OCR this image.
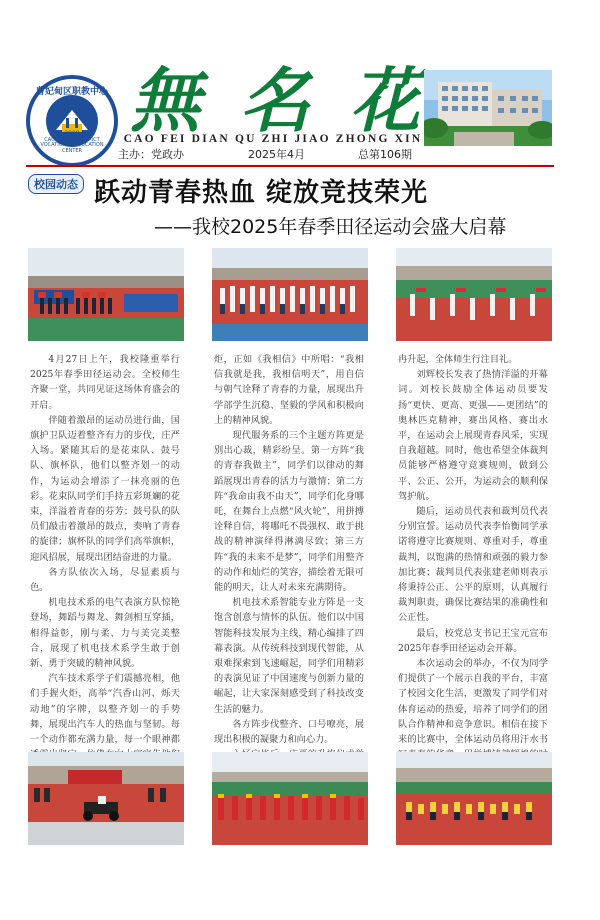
曹妃甸区职教中心
2008
CAOFEIDIAN DISTRICT VOCATIONAL EDUCATION CENTER
無 名 花
CAO FEI DIAN QU ZHI JIAO ZHONG XIN
主办：党政办	2025年4月	总第106期
校园动态 跃动青春热血 绽放竞技荣光
——我校2025年春季田径运动会盛大启幕

4月27日上午，我校隆重举行2025年春季田径运动会。全校师生齐聚一堂，共同见证这场体育盛会的开启。

伴随着激昂的运动员进行曲，国旗护卫队迈着整齐有力的步伐，庄严入场。紧随其后的是花束队、鼓号队、旗杯队，他们以整齐划一的动作，为运动会增添了一抹亮丽的色彩。花束队同学们手持五彩斑斓的花束，洋溢着青春的芬芳；鼓号队的队员们敲击着激昂的鼓点，奏响了青春的旋律；旗杯队的同学们高举旗帜，迎风招展，展现出团结奋进的力量。

各方队依次入场，尽显素质与色。

机电技术系的电气表演方队惊艳登场，舞蹈与舞龙、舞剑相互穿插，相得益彰，刚与柔、力与美完美整合，展现了机电技术系学生敢于创新、勇于突破的精神风貌。

汽车技术系学子们震撼亮相，他们手握火炬，高举“汽香山河、烁天动地”的字牌，以整齐划一的手势舞，展现出汽车人的热血与坚韧。每一个动作都充满力量，每一个眼神都

炬，正如《我相信》中所唱：“我相信我就是我，我相信明天”，用自信与朝气诠释了青春的力量，展现出升学部学生沉稳、坚毅的学风和积极向上的精神风貌。

现代服务系的三个主题方阵更是别出心裁，精彩纷呈。第一方阵“我的青春我做主”，同学们以律动的舞蹈展现出青春的活力与激情；第二方阵“我命由我不由天”，同学们化身哪吒，在舞台上点燃“风火轮”，用拼搏诠释自信，将哪吒不畏强权、敢于挑战的精神演绎得淋漓尽致；第三方阵“我的未来不是梦”，同学们用整齐的动作和灿烂的笑容，描绘着无限可能的明天，让人对未来充满期待。

机电技术系智能专业方阵是一支饱含创意与情怀的队伍。他们以中国智能科技发展为主线，精心编排了四幕表演。从传统科技到现代智能，从艰难探索到飞速崛起，同学们用精彩的表演见证了中国速度与创新力量的崛起，让大家深刻感受到了科技改变生活的魅力。

各方阵步伐整齐、口号嘹亮，展现出积极的凝聚力和向心力。

冉升起，全体师生行注目礼。

刘辉校长发表了热情洋溢的开幕词。刘校长鼓励全体运动员要发扬“更快、更高、更强——更团结”的奥林匹克精神，赛出风格、赛出水平，在运动会上展现青春风采，实现自我超越。同时，他也希望全体裁判员能够严格遵守竞赛规则，做到公平、公正、公开，为运动会的顺利保驾护航。

随后，运动员代表和裁判员代表分别宣誓。运动员代表李怡衡同学承诺将遵守比赛规则、尊重对手，尊重裁判，以饱满的热情和顽强的毅力参加比赛；裁判员代表张建老师则表示将秉持公正、公平的原则，认真履行裁判职责，确保比赛结果的准确性和公正性。

最后，校党总支书记王宝元宣布2025年春季田径运动会开幕。

本次运动会的举办，不仅为同学们提供了一个展示自我的平台，丰富了校园文化生活，更激发了同学们对体育运动的热爱，培养了同学们的团队合作精神和竞争意识。相信在接下来的比赛中，全体运动员将用汗水书
